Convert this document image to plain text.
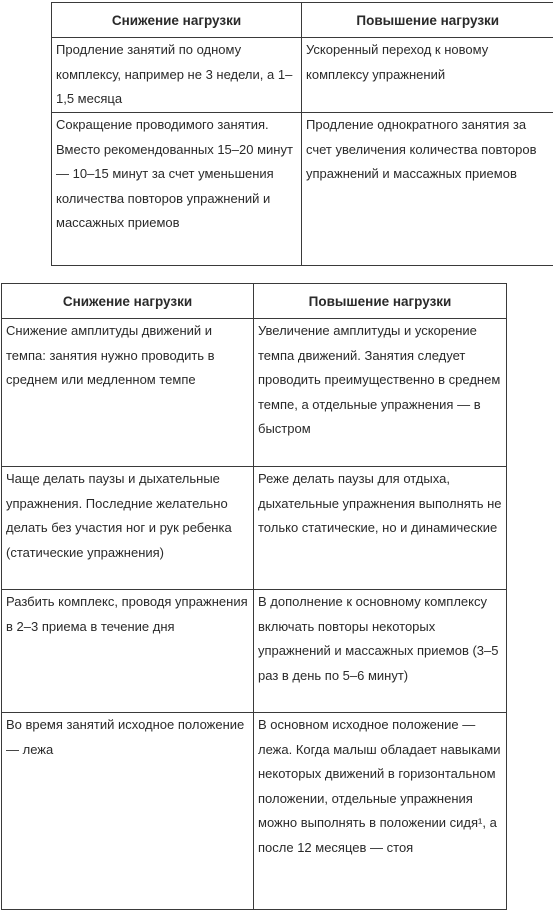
Снижение нагрузки	Повышение нагрузки
Продление занятий по одному комплексу, например не 3 недели, а 1–1,5 месяца	Ускоренный переход к новому комплексу упражнений
Сокращение проводимого занятия. Вместо рекомендованных 15–20 минут — 10–15 минут за счет уменьшения количества повторов упражнений и массажных приемов	Продление однократного занятия за счет увеличения количества повторов упражнений и массажных приемов
Снижение нагрузки	Повышение нагрузки
Снижение амплитуды движений и темпа: занятия нужно проводить в среднем или медленном темпе	Увеличение амплитуды и ускорение темпа движений. Занятия следует проводить преимущественно в среднем темпе, а отдельные упражнения — в быстром
Чаще делать паузы и дыхательные упражнения. Последние желательно делать без участия ног и рук ребенка (статические упражнения)	Реже делать паузы для отдыха, дыхательные упражнения выполнять не только статические, но и динамические
Разбить комплекс, проводя упражнения в 2–3 приема в течение дня	В дополнение к основному комплексу включать повторы некоторых упражнений и массажных приемов (3–5 раз в день по 5–6 минут)
Во время занятий исходное положение — лежа	В основном исходное положение — лежа. Когда малыш обладает навыками некоторых движений в горизонтальном положении, отдельные упражнения можно выполнять в положении сидя¹, а после 12 месяцев — стоя
